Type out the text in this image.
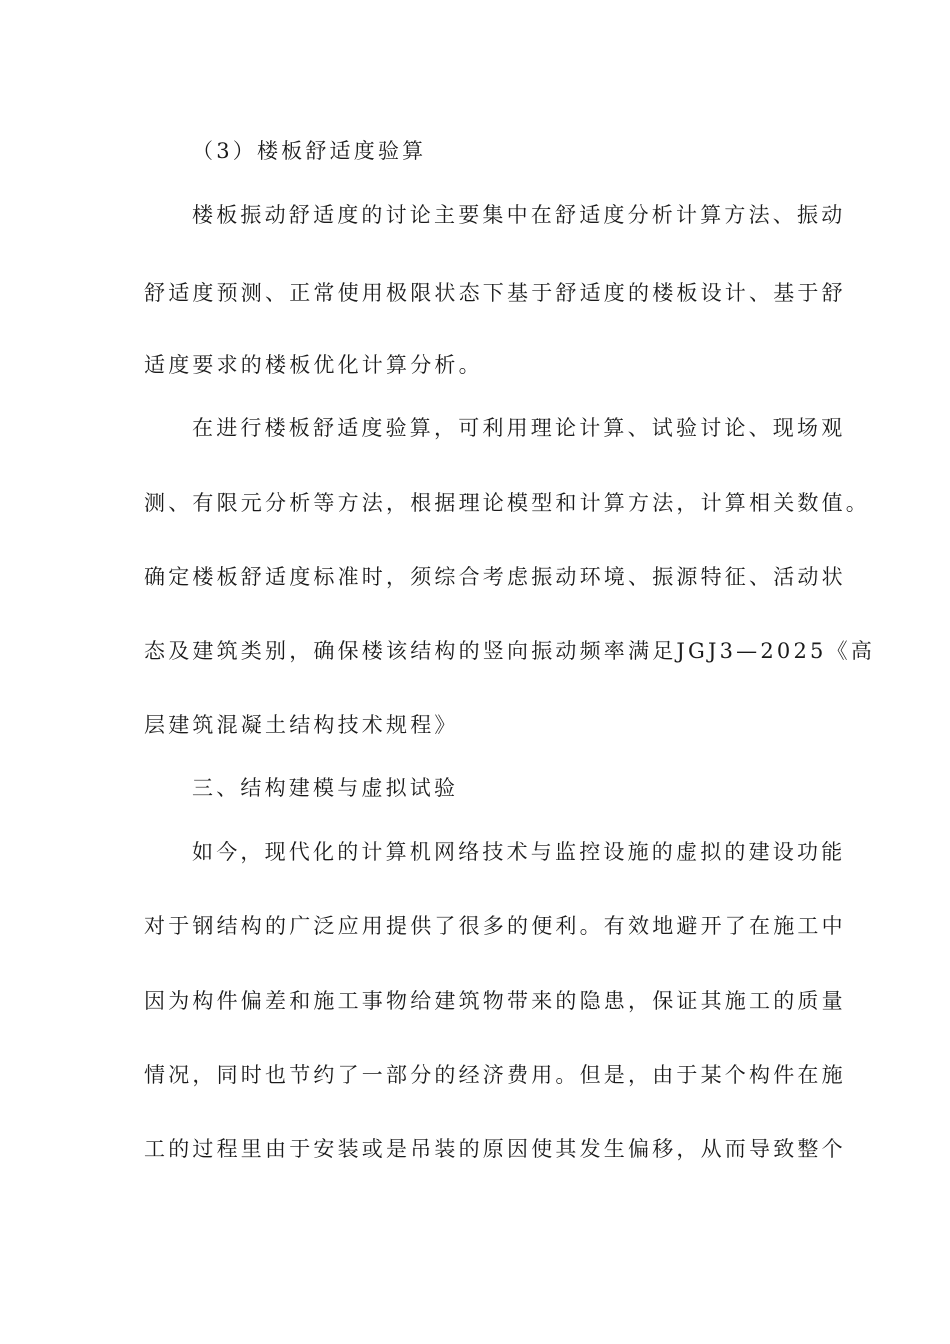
（3）楼板舒适度验算
楼板振动舒适度的讨论主要集中在舒适度分析计算方法、振动
舒适度预测、正常使用极限状态下基于舒适度的楼板设计、基于舒
适度要求的楼板优化计算分析。
在进行楼板舒适度验算，可利用理论计算、试验讨论、现场观
测、有限元分析等方法，根据理论模型和计算方法，计算相关数值。
确定楼板舒适度标准时，须综合考虑振动环境、振源特征、活动状
态及建筑类别，确保楼该结构的竖向振动频率满足JGJ3—2025《高
层建筑混凝土结构技术规程》
三、结构建模与虚拟试验
如今，现代化的计算机网络技术与监控设施的虚拟的建设功能
对于钢结构的广泛应用提供了很多的便利。有效地避开了在施工中
因为构件偏差和施工事物给建筑物带来的隐患，保证其施工的质量
情况，同时也节约了一部分的经济费用。但是，由于某个构件在施
工的过程里由于安装或是吊装的原因使其发生偏移，从而导致整个
